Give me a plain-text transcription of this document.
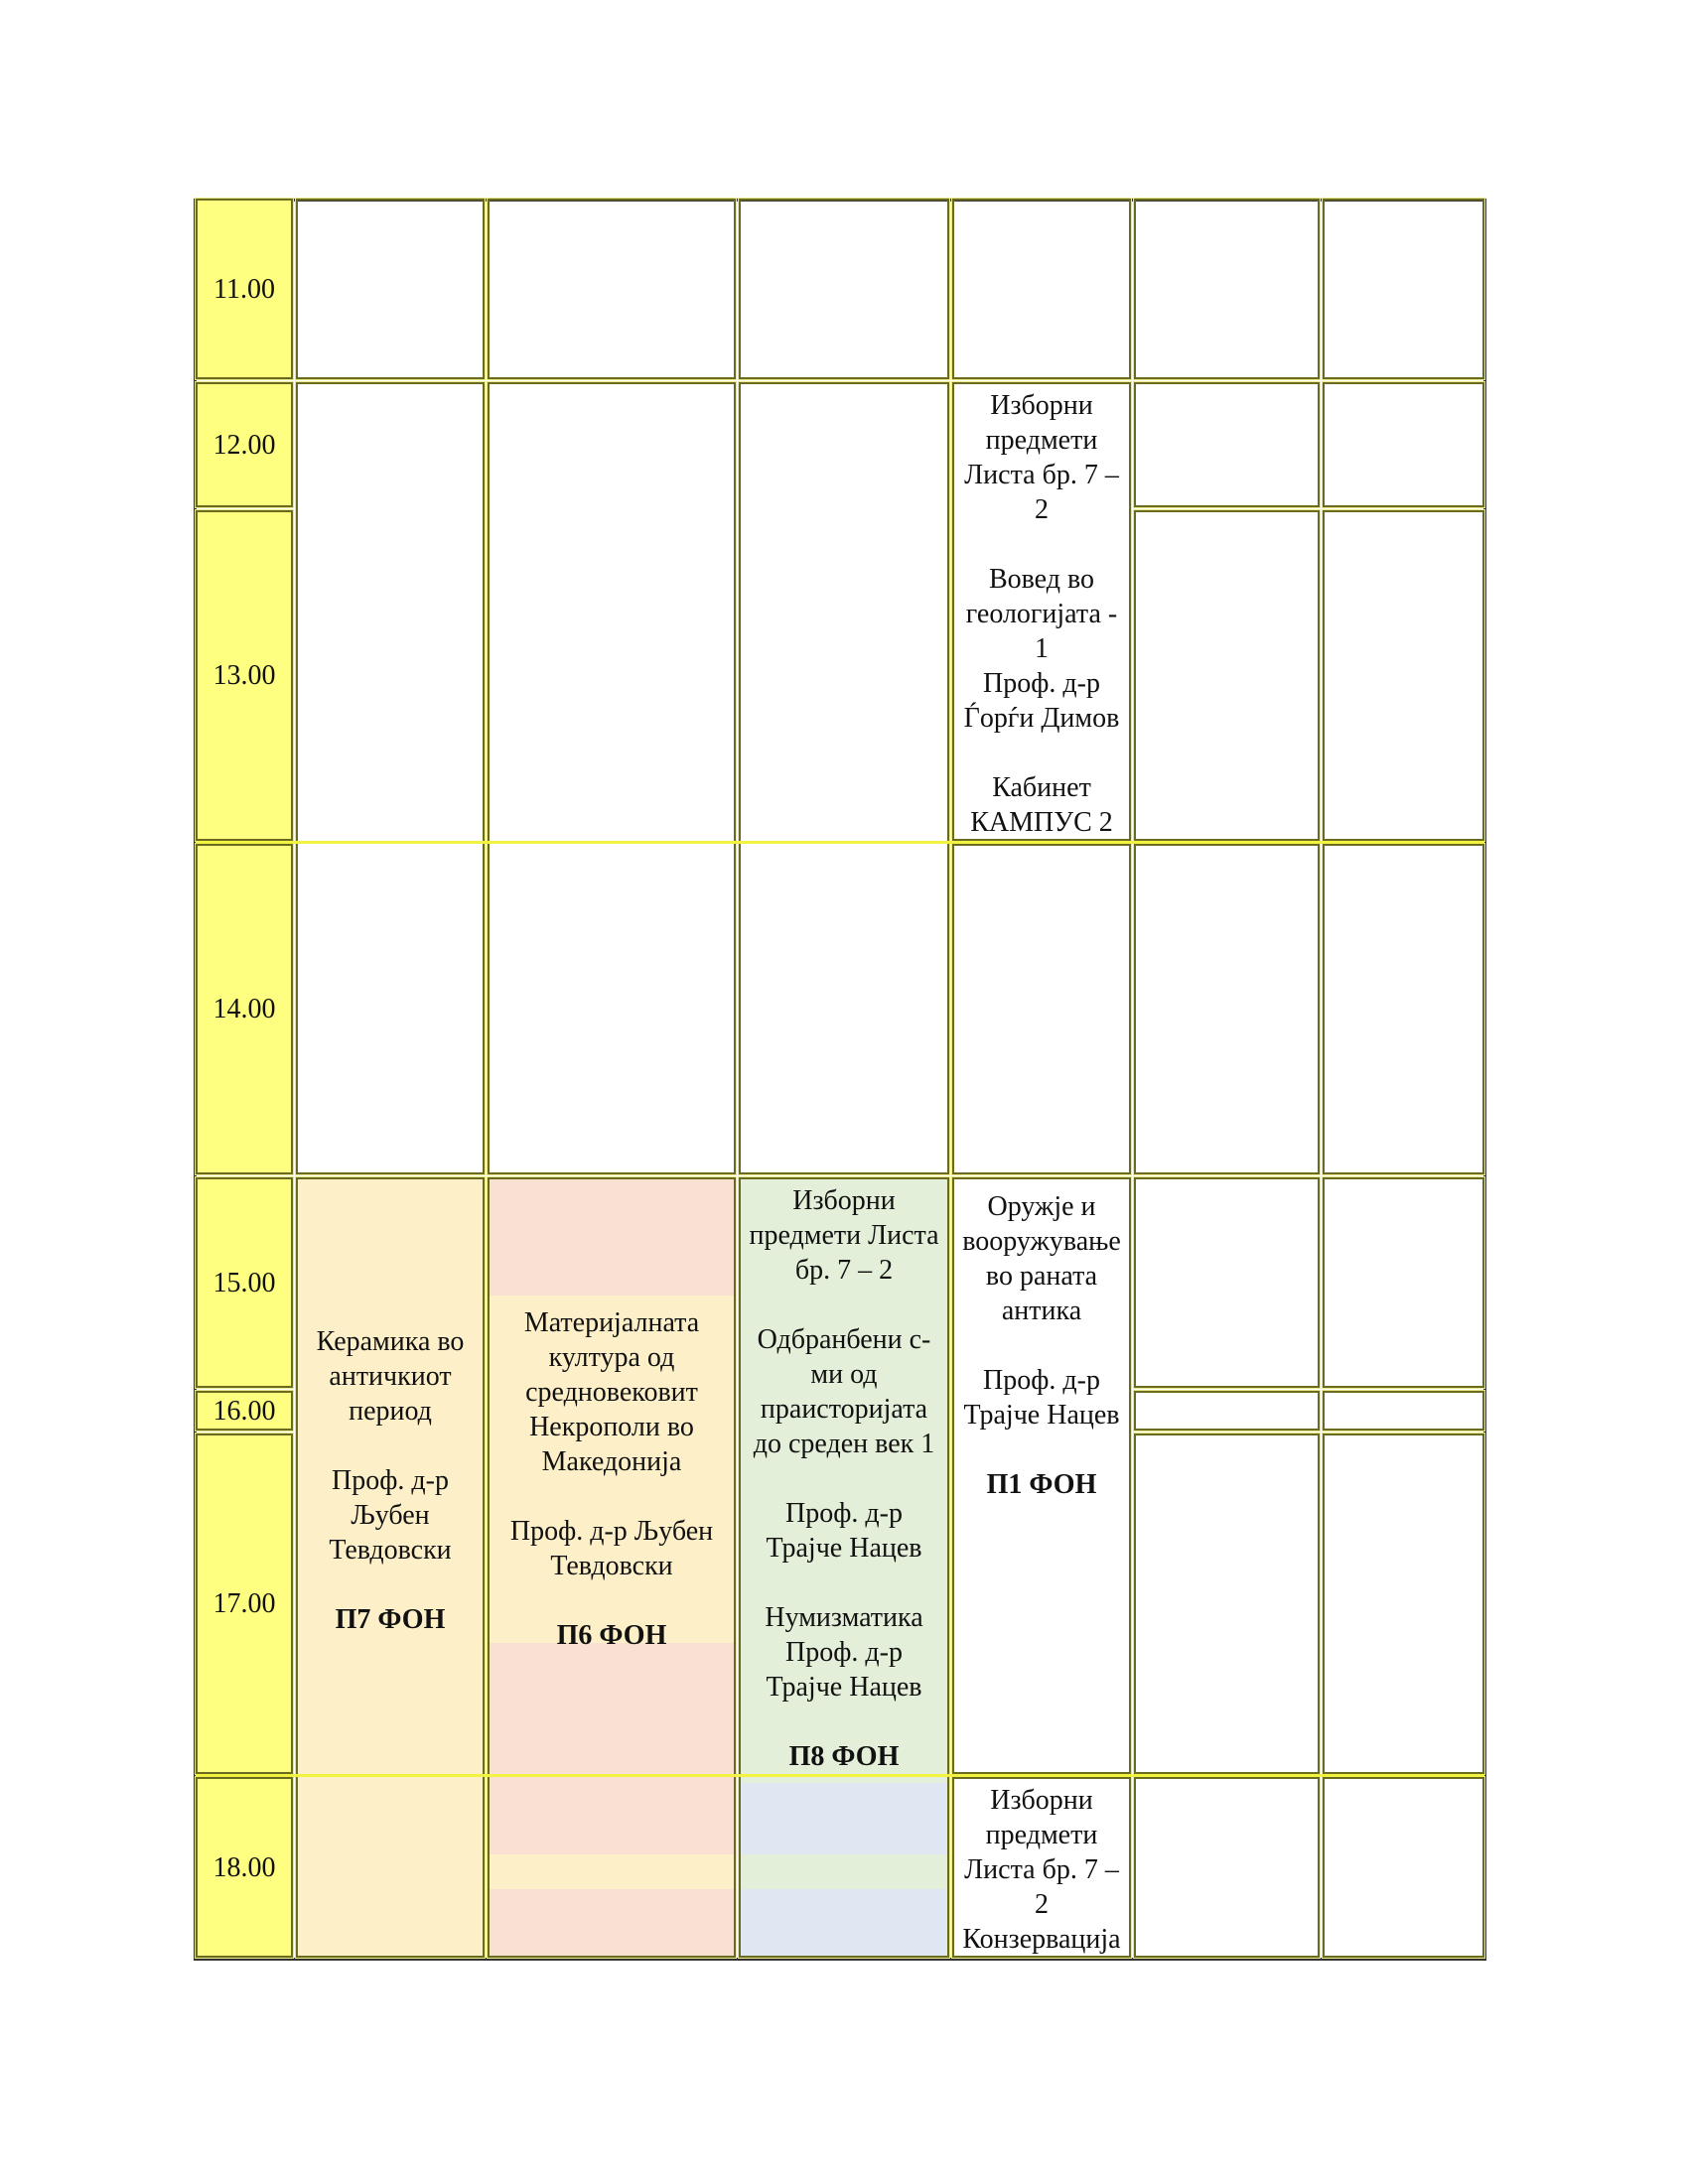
11.00
12.00
13.00
14.00
15.00
16.00
17.00
18.00
Изборни
предмети
Листа бр. 7 –
2
Вовед во
геологијата -
1
Проф. д-р
Ѓорѓи Димов
Кабинет
КАМПУС 2
Керамика во
античкиот
период
Проф. д-р
Љубен
Тевдовски
П7 ФОН
Материјалната
култура од
средновековит
Некрополи во
Македонија
Проф. д-р Љубен
Тевдовски
П6 ФОН
Изборни
предмети Листа
бр. 7 – 2
Одбранбени с-
ми од
праисторијата
до среден век 1
Проф. д-р
Трајче Нацев
Нумизматика
Проф. д-р
Трајче Нацев
П8 ФОН
Оружје и
вооружување
во раната
антика
Проф. д-р
Трајче Нацев
П1 ФОН
Изборни
предмети
Листа бр. 7 –
2
Конзервација
